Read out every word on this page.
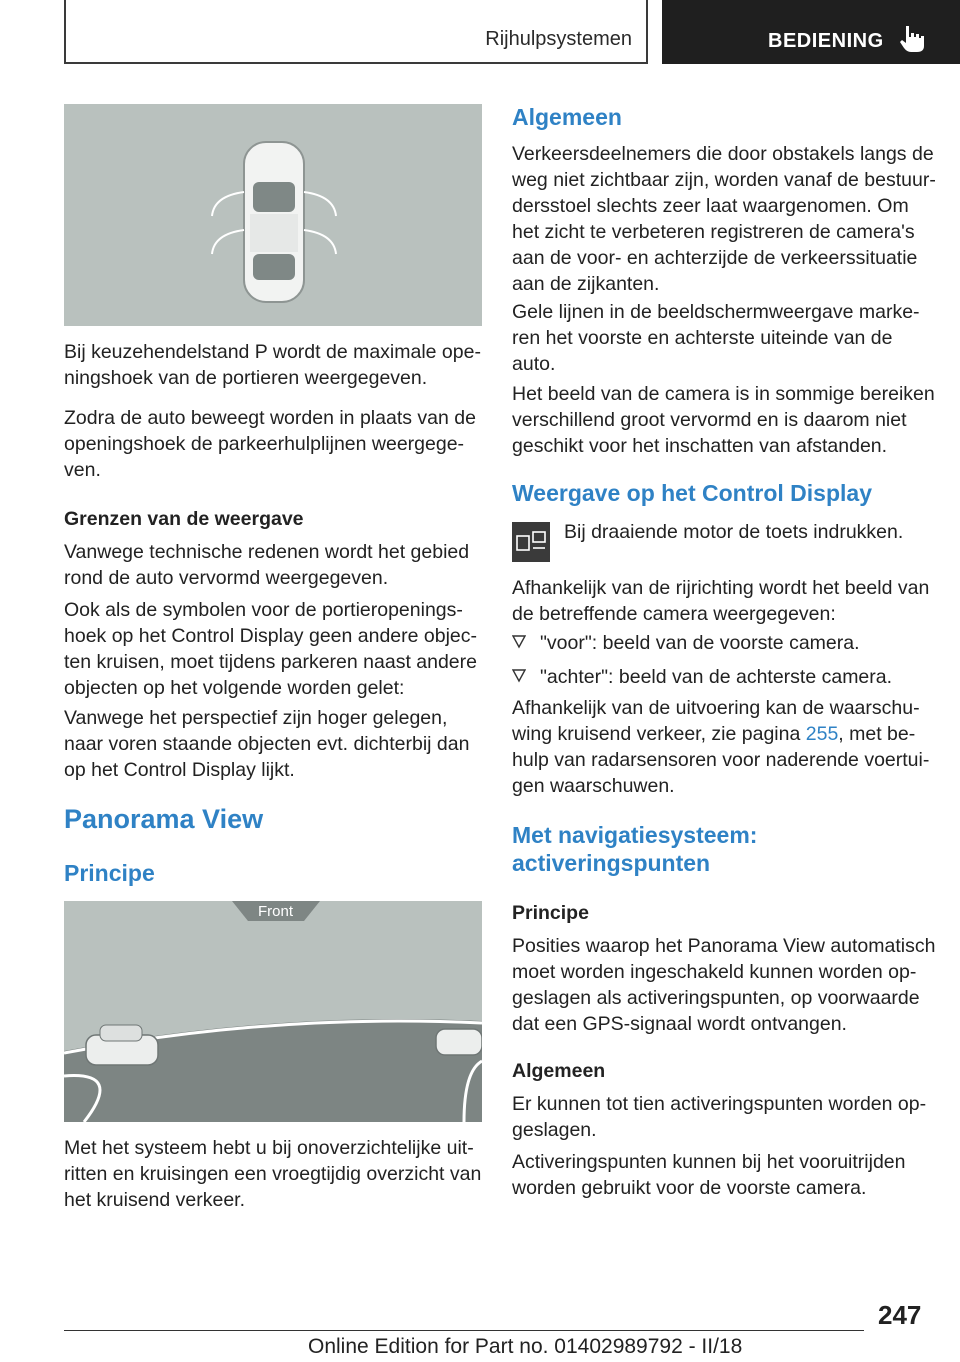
Rijhulpsystemen	BEDIENING

Bij keuzehendelstand P wordt de maximale ope-

ningshoek van de portieren weergegeven.

Zodra de auto beweegt worden in plaats van de

openingshoek de parkeerhulplijnen weergege-

ven.

Grenzen van de weergave

Vanwege technische redenen wordt het gebied

rond de auto vervormd weergegeven.

Ook als de symbolen voor de portieropenings-

hoek op het Control Display geen andere objec-

ten kruisen, moet tijdens parkeren naast andere

objecten op het volgende worden gelet:

Vanwege het perspectief zijn hoger gelegen,

naar voren staande objecten evt. dichterbij dan

op het Control Display lijkt.

Panorama View
Principe
Front

Met het systeem hebt u bij onoverzichtelijke uit-

ritten en kruisingen een vroegtijdig overzicht van

het kruisend verkeer.

Algemeen

Verkeersdeelnemers die door obstakels langs de

weg niet zichtbaar zijn, worden vanaf de bestuur-

dersstoel slechts zeer laat waargenomen. Om

het zicht te verbeteren registreren de camera's

aan de voor- en achterzijde de verkeerssituatie

aan de zijkanten.

Gele lijnen in de beeldschermweergave marke-

ren het voorste en achterste uiteinde van de

auto.

Het beeld van de camera is in sommige bereiken

verschillend groot vervormd en is daarom niet

geschikt voor het inschatten van afstanden.

Weergave op het Control Display

Bij draaiende motor de toets indrukken.

Afhankelijk van de rijrichting wordt het beeld van

de betreffende camera weergegeven:

"voor": beeld van de voorste camera.
"achter": beeld van de achterste camera.

Afhankelijk van de uitvoering kan de waarschu-

wing kruisend verkeer, zie pagina 255, met be-

hulp van radarsensoren voor naderende voertui-

gen waarschuwen.

Met navigatiesysteem:
activeringspunten
Principe

Posities waarop het Panorama View automatisch

moet worden ingeschakeld kunnen worden op-

geslagen als activeringspunten, op voorwaarde

dat een GPS-signaal wordt ontvangen.

Algemeen

Er kunnen tot tien activeringspunten worden op-

geslagen.

Activeringspunten kunnen bij het vooruitrijden

worden gebruikt voor de voorste camera.

247
Online Edition for Part no. 01402989792 - II/18
